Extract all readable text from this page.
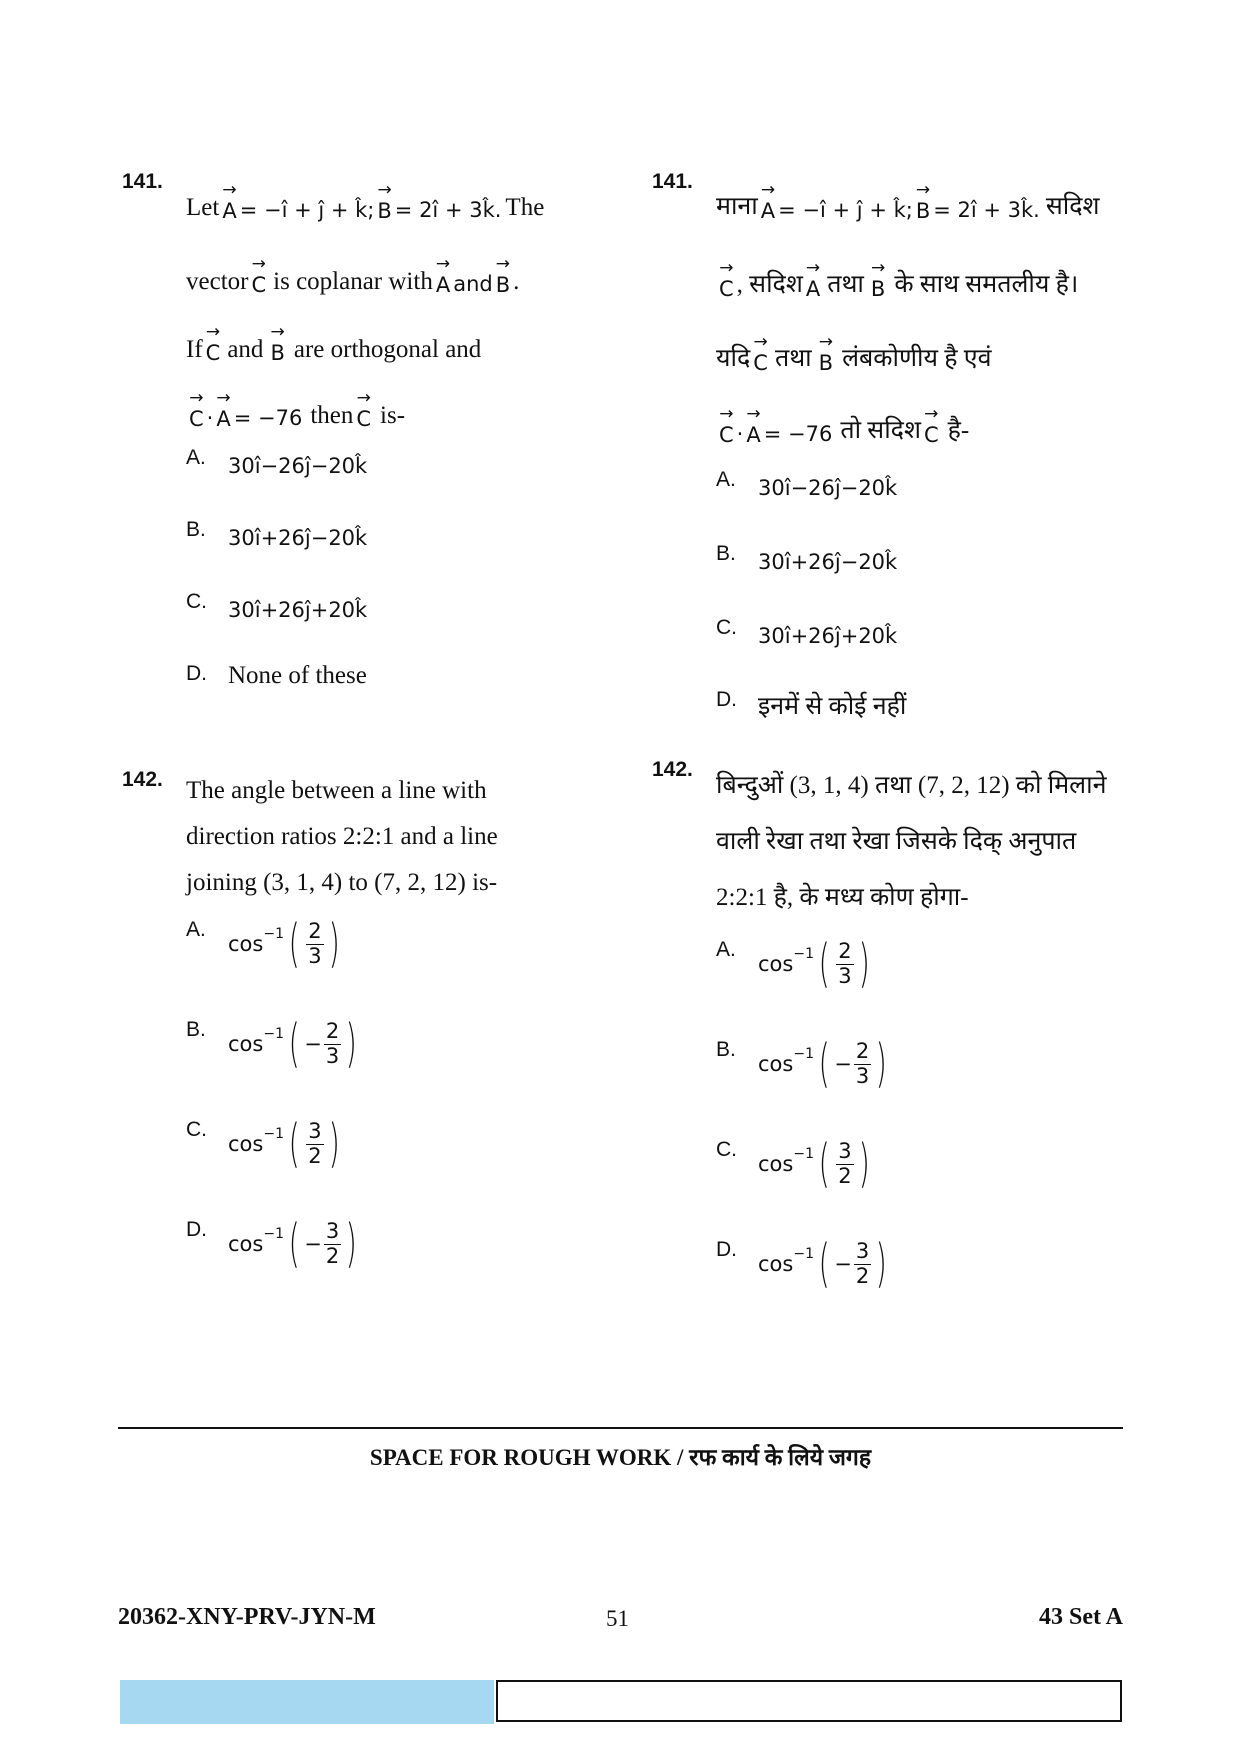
141.
Let
→
A = −î + ĵ + k̂;
→
B = 2î + 3k̂. The
vector
→
C is coplanar with
→
A and
→
B .
If
→
C and
→
B are orthogonal and
→
C ·
→
A = −76 then
→
C is-
A.	30î −26ĵ −20k̂
B.	30î +26ĵ −20k̂
C.	30î +26ĵ +20k̂
D. None of these
142. The angle between a line with
direction ratios 2:2:1 and a line
joining (3, 1, 4) to (7, 2, 12) is-
A.
$\cos^{-1}$ ( $\frac{2}{3}$ )
B.
$\cos^{-1}$ ( − $\frac{2}{3}$ )
C.
$\cos^{-1}$ ( $\frac{3}{2}$ )
D.
$\cos^{-1}$ ( − $\frac{3}{2}$ )
141.
माना
→
A = −î + ĵ + k̂;
→
B = 2î + 3k̂. सदिश
→
C , सदिश
→
A तथा
→
B के साथ समतलीय है।
यदि
→
C तथा
→
B लंबकोणीय है एवं
→
C ·
→
A = −76 तो सदिश
→
C है-
A.	30î −26ĵ −20k̂
B.	30î +26ĵ −20k̂
C.	30î +26ĵ +20k̂
D. इनमें से कोई नहीं
142.
बिन्दुओं (3, 1, 4) तथा (7, 2, 12) को मिलाने
वाली रेखा तथा रेखा जिसके दिक् अनुपात
2:2:1 है, के मध्य कोण होगा-
A.
$\cos^{-1}$ ( $\frac{2}{3}$ )
B.
$\cos^{-1}$ ( − $\frac{2}{3}$ )
C.
$\cos^{-1}$ ( $\frac{3}{2}$ )
D.
$\cos^{-1}$ ( − $\frac{3}{2}$ )
SPACE FOR ROUGH WORK / रफ कार्य के लिये जगह
20362-XNY-PRV-JYN-M	51	43 Set A
